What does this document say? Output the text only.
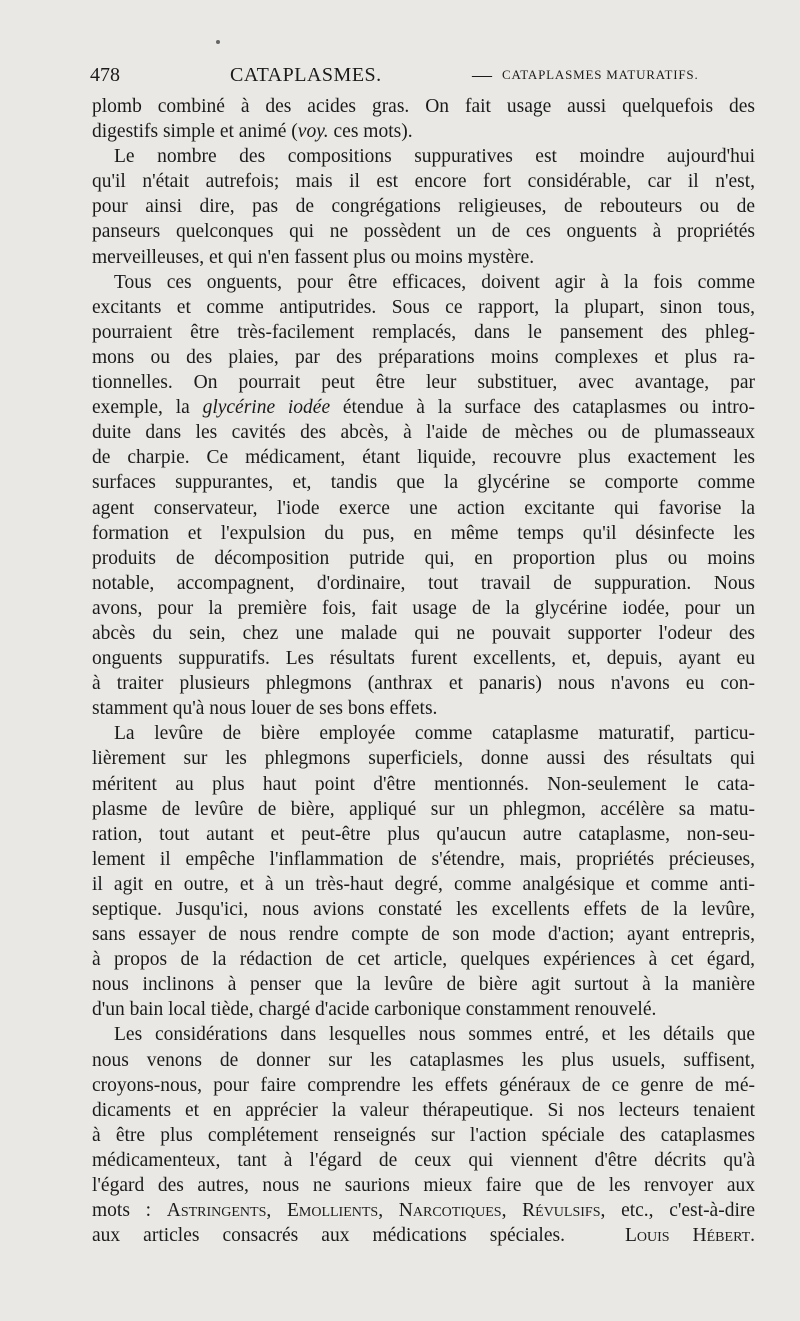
478	CATAPLASMES.	— CATAPLASMES MATURATIFS.
plomb combiné à des acides gras. On fait usage aussi quelquefois des
digestifs simple et animé (voy. ces mots).
Le nombre des compositions suppuratives est moindre aujourd'hui
qu'il n'était autrefois; mais il est encore fort considérable, car il n'est,
pour ainsi dire, pas de congrégations religieuses, de rebouteurs ou de
panseurs quelconques qui ne possèdent un de ces onguents à propriétés
merveilleuses, et qui n'en fassent plus ou moins mystère.
Tous ces onguents, pour être efficaces, doivent agir à la fois comme
excitants et comme antiputrides. Sous ce rapport, la plupart, sinon tous,
pourraient être très-facilement remplacés, dans le pansement des phleg-
mons ou des plaies, par des préparations moins complexes et plus ra-
tionnelles. On pourrait peut être leur substituer, avec avantage, par
exemple, la glycérine iodée étendue à la surface des cataplasmes ou intro-
duite dans les cavités des abcès, à l'aide de mèches ou de plumasseaux
de charpie. Ce médicament, étant liquide, recouvre plus exactement les
surfaces suppurantes, et, tandis que la glycérine se comporte comme
agent conservateur, l'iode exerce une action excitante qui favorise la
formation et l'expulsion du pus, en même temps qu'il désinfecte les
produits de décomposition putride qui, en proportion plus ou moins
notable, accompagnent, d'ordinaire, tout travail de suppuration. Nous
avons, pour la première fois, fait usage de la glycérine iodée, pour un
abcès du sein, chez une malade qui ne pouvait supporter l'odeur des
onguents suppuratifs. Les résultats furent excellents, et, depuis, ayant eu
à traiter plusieurs phlegmons (anthrax et panaris) nous n'avons eu con-
stamment qu'à nous louer de ses bons effets.
La levûre de bière employée comme cataplasme maturatif, particu-
lièrement sur les phlegmons superficiels, donne aussi des résultats qui
méritent au plus haut point d'être mentionnés. Non-seulement le cata-
plasme de levûre de bière, appliqué sur un phlegmon, accélère sa matu-
ration, tout autant et peut-être plus qu'aucun autre cataplasme, non-seu-
lement il empêche l'inflammation de s'étendre, mais, propriétés précieuses,
il agit en outre, et à un très-haut degré, comme analgésique et comme anti-
septique. Jusqu'ici, nous avions constaté les excellents effets de la levûre,
sans essayer de nous rendre compte de son mode d'action; ayant entrepris,
à propos de la rédaction de cet article, quelques expériences à cet égard,
nous inclinons à penser que la levûre de bière agit surtout à la manière
d'un bain local tiède, chargé d'acide carbonique constamment renouvelé.
Les considérations dans lesquelles nous sommes entré, et les détails que
nous venons de donner sur les cataplasmes les plus usuels, suffisent,
croyons-nous, pour faire comprendre les effets généraux de ce genre de mé-
dicaments et en apprécier la valeur thérapeutique. Si nos lecteurs tenaient
à être plus complétement renseignés sur l'action spéciale des cataplasmes
médicamenteux, tant à l'égard de ceux qui viennent d'être décrits qu'à
l'égard des autres, nous ne saurions mieux faire que de les renvoyer aux
mots : Astringents, Emollients, Narcotiques, Révulsifs, etc., c'est-à-dire
aux articles consacrés aux médications spéciales.	Louis Hébert.
